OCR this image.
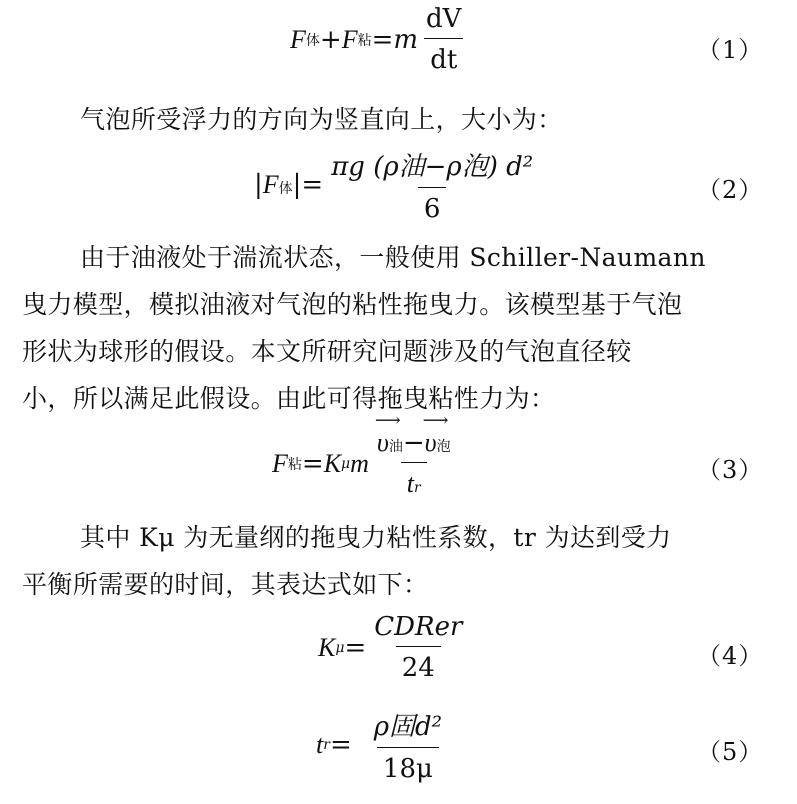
F 体 + F 粘 $=m \frac{dV}{dt}$	（1）
气泡所受浮力的方向为竖直向上，大小为：
|F体 |= $\frac{\text{πg (ρ油−ρ泡) d²}}{6}$	（2）
由于油液处于湍流状态，一般使用 Schiller-Naumann
曳力模型，模拟油液对气泡的粘性拖曳力。该模型基于气泡
形状为球形的假设。本文所研究问题涉及的气泡直径较
小，所以满足此假设。由此可得拖曳粘性力为：
F 粘 = K μ m
⟶ $\frac{\text{υ油−⟶ υ泡}}{tr}$	（3）
其中 Kμ 为无量纲的拖曳力粘性系数，tr 为达到受力
平衡所需要的时间，其表达式如下：
K $\mu = \frac{\text{CDRer}}{24}$	（4）
t $r = \frac{\text{ρ固d²}}{18\mu}$	（5）
